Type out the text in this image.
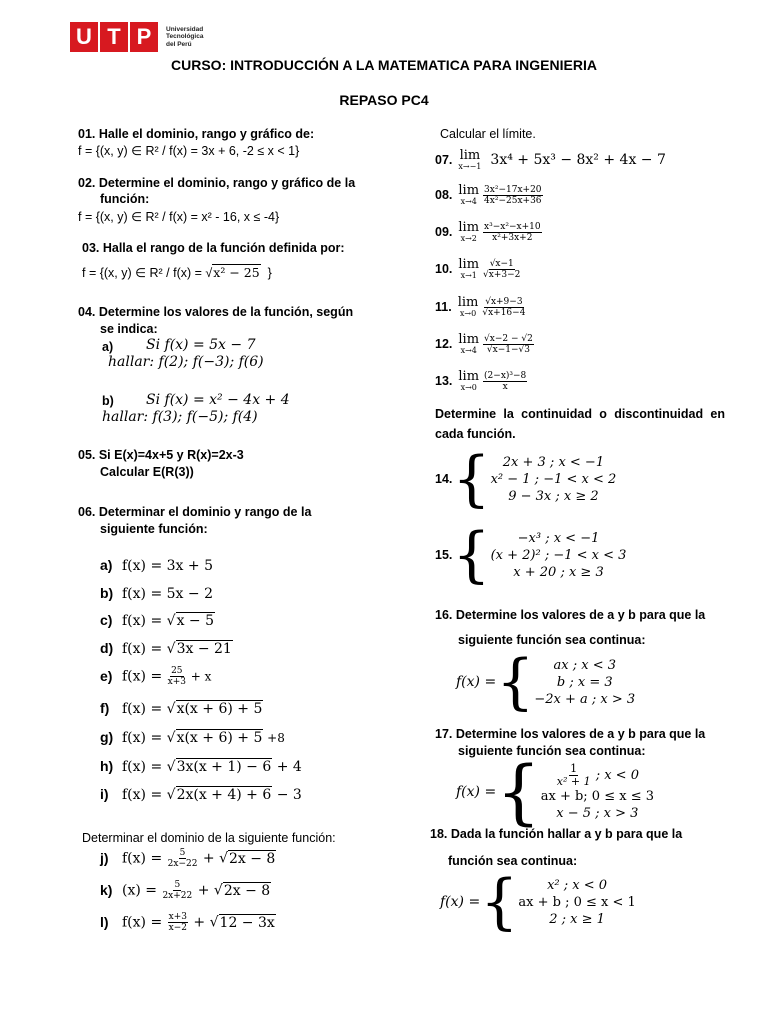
U T P	Universidad
Tecnológica
del Perú
CURSO: INTRODUCCIÓN A LA MATEMATICA PARA INGENIERIA
REPASO PC4
01. Halle el dominio, rango y gráfico de:
f = {(x, y) ∈ R² / f(x) = 3x + 6, -2 ≤ x < 1}
02. Determine el dominio, rango y gráfico de la
función:
f = {(x, y) ∈ R² / f(x) = x² - 16, x ≤ -4}
03. Halla el rango de la función definida por:
f = {(x, y) ∈ R² / f(x) = √x² − 25 }
04. Determine los valores de la función, según
se indica:
a) Si f(x) = 5x − 7
hallar: f(2); f(−3); f(6)
b) Si f(x) = x² − 4x + 4
hallar: f(3); f(−5); f(4)
05. Si E(x)=4x+5 y R(x)=2x-3
Calcular E(R(3))
06. Determinar el dominio y rango de la
siguiente función:
a) f(x) = 3x + 5
b) f(x) = 5x − 2
c) f(x) = √x − 5
d) f(x) = √3x − 21
e) $f(x) = \frac{25}{x+3} + x$
f) f(x) = √x(x + 6) + 5
g) f(x) = √x(x + 6) + 5 +8
h) f(x) = √3x(x + 1) − 6 + 4
i) f(x) = √2x(x + 4) + 6 − 3
Determinar el dominio de la siguiente función:
j) $f(x) = \frac{5}{2x-22} + √2x - 8$
k) $(x) = \frac{5}{2x+22} + √2x - 8$
l) $f(x) = \frac{x+3}{x-2} + √12 - 3x$
Calcular el límite.
07. lim
x→−1 3x⁴ + 5x³ − 8x² + 4x − 7
08. lim
$x\to 4 \frac{\text{3x²−17x+20}}{\text{4x²−25x+36}}$
09. lim
$x\to 2 \frac{\text{x³−x²−x+10}}{\text{x²+3x+2}}$
10. lim
$x\to 1 \frac{√x-1}{√x+3-2}$
11. lim
$x\to 0 \frac{√x+9-3}{√x+16-4}$
12. lim
$x\to 4 \frac{√x-2 - √2}{√x-1-√3}$
13. lim
$x\to 0 \frac{\text{(2−x)³−8}}{x}$
Determine la continuidad o discontinuidad en
cada función.
14. { 2x + 3 ; x < −1
x² − 1 ; −1 < x < 2
9 − 3x ; x ≥ 2
15. { −x³ ; x < −1
(x + 2)² ; −1 < x < 3
x + 20 ; x ≥ 3
16. Determine los valores de a y b para que la
siguiente función sea continua:
f(x) = { ax ; x < 3
b ; x = 3
−2x + a ; x > 3
17. Determine los valores de a y b para que la
siguiente función sea continua:
f(x) = { $\frac{1}{\text{x² + 1}}$ ; x < 0
ax + b; 0 ≤ x ≤ 3
x − 5 ; x > 3
18. Dada la función hallar a y b para que la
función sea continua:
f(x) = { x² ; x < 0
ax + b ; 0 ≤ x < 1
2 ; x ≥ 1
